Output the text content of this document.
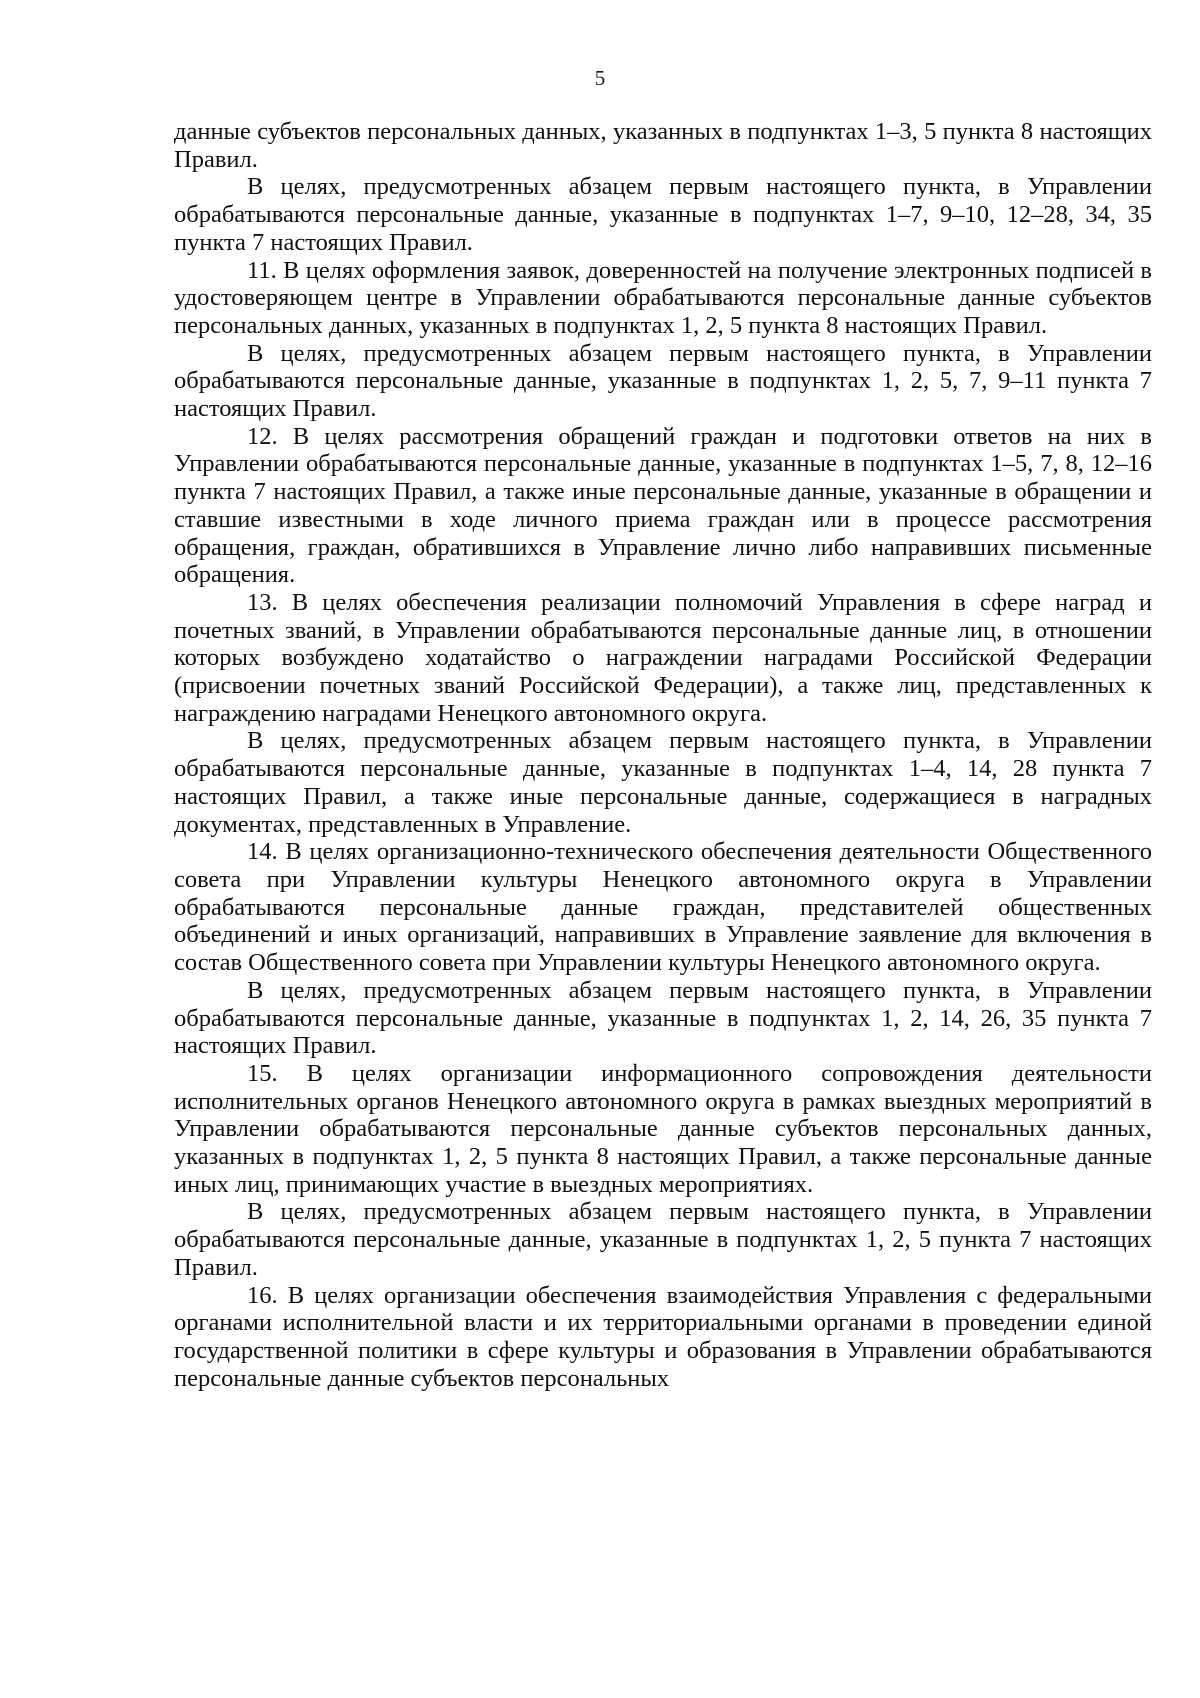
5

данные субъектов персональных данных, указанных в подпунктах 1–3, 5 пункта 8 настоящих Правил.

В целях, предусмотренных абзацем первым настоящего пункта, в Управлении обрабатываются персональные данные, указанные в подпунктах 1–7, 9–10, 12–28, 34, 35 пункта 7 настоящих Правил.

11. В целях оформления заявок, доверенностей на получение электронных подписей в удостоверяющем центре в Управлении обрабатываются персональные данные субъектов персональных данных, указанных в подпунктах 1, 2, 5 пункта 8 настоящих Правил.

В целях, предусмотренных абзацем первым настоящего пункта, в Управлении обрабатываются персональные данные, указанные в подпунктах 1, 2, 5, 7, 9–11 пункта 7 настоящих Правил.

12. В целях рассмотрения обращений граждан и подготовки ответов на них в Управлении обрабатываются персональные данные, указанные в подпунктах 1–5, 7, 8, 12–16 пункта 7 настоящих Правил, а также иные персональные данные, указанные в обращении и ставшие известными в ходе личного приема граждан или в процессе рассмотрения обращения, граждан, обратившихся в Управление лично либо направивших письменные обращения.

13. В целях обеспечения реализации полномочий Управления в сфере наград и почетных званий, в Управлении обрабатываются персональные данные лиц, в отношении которых возбуждено ходатайство о награждении наградами Российской Федерации (присвоении почетных званий Российской Федерации), а также лиц, представленных к награждению наградами Ненецкого автономного округа.

В целях, предусмотренных абзацем первым настоящего пункта, в Управлении обрабатываются персональные данные, указанные в подпунктах 1–4, 14, 28 пункта 7 настоящих Правил, а также иные персональные данные, содержащиеся в наградных документах, представленных в Управление.

14. В целях организационно-технического обеспечения деятельности Общественного совета при Управлении культуры Ненецкого автономного округа в Управлении обрабатываются персональные данные граждан, представителей общественных объединений и иных организаций, направивших в Управление заявление для включения в состав Общественного совета при Управлении культуры Ненецкого автономного округа.

В целях, предусмотренных абзацем первым настоящего пункта, в Управлении обрабатываются персональные данные, указанные в подпунктах 1, 2, 14, 26, 35 пункта 7 настоящих Правил.

15. В целях организации информационного сопровождения деятельности исполнительных органов Ненецкого автономного округа в рамках выездных мероприятий в Управлении обрабатываются персональные данные субъектов персональных данных, указанных в подпунктах 1, 2, 5 пункта 8 настоящих Правил, а также персональные данные иных лиц, принимающих участие в выездных мероприятиях.

В целях, предусмотренных абзацем первым настоящего пункта, в Управлении обрабатываются персональные данные, указанные в подпунктах 1, 2, 5 пункта 7 настоящих Правил.

16. В целях организации обеспечения взаимодействия Управления с федеральными органами исполнительной власти и их территориальными органами в проведении единой государственной политики в сфере культуры и образования в Управлении обрабатываются персональные данные субъектов персональных
